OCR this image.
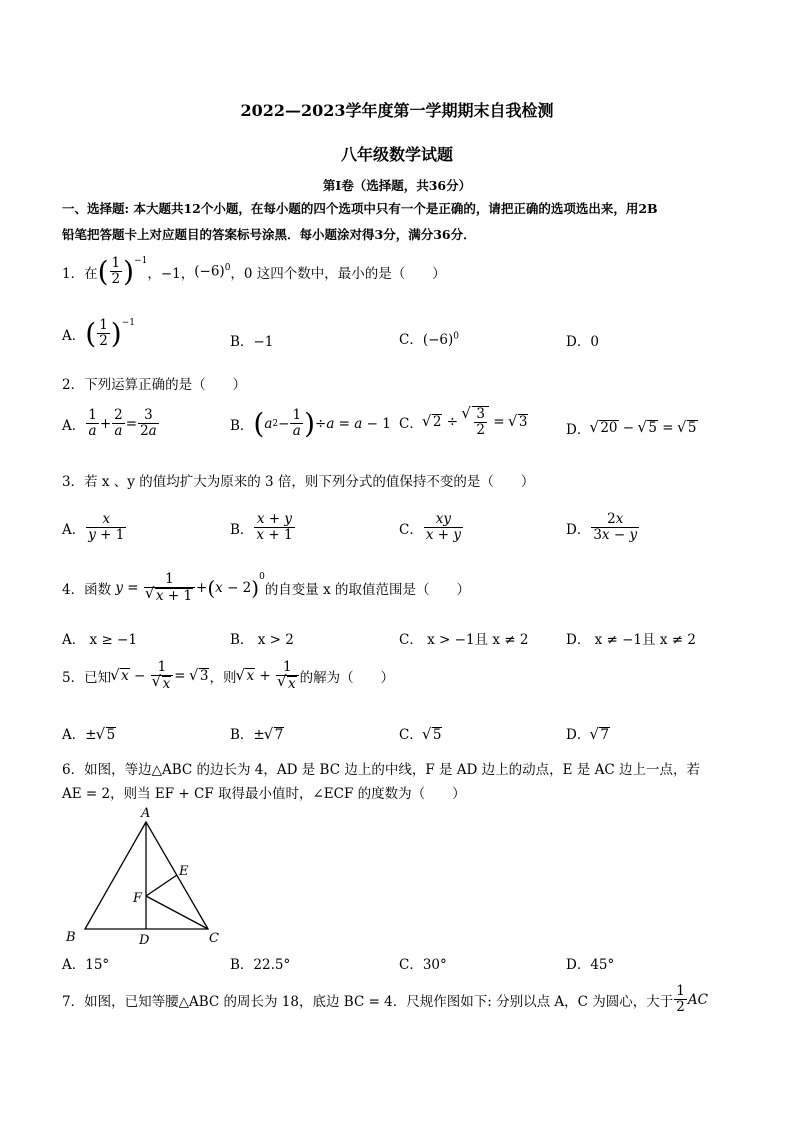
2022—2023学年度第一学期期末自我检测
八年级数学试题
第Ⅰ卷（选择题，共36分）
一、选择题: 本大题共12个小题，在每小题的四个选项中只有一个是正确的，请把正确的选项选出来，用2B
铅笔把答题卡上对应题目的答案标号涂黑．每小题涂对得3分，满分36分．
1．在 ( $\frac{1}{2} )^{-1}$
，−1， $(-6)^0$ ，0 这四个数中，最小的是（　　）
A． ( $\frac{1}{2} )^{-1}$
B．−1	C．$(-6)^0$	D．0
2．下列运算正确的是（　　）
A． $\frac{1}{a} + \frac{2}{a} = \frac{3}{2a}$	B． ( a $2 - \frac{1}{a}$ ) ÷ a = a − 1 C． √ 2 ÷ √ $\frac{3}{2}$ = √ 3	D． √ 20 − √ 5 = √ 5
3．若 x 、y 的值均扩大为原来的 3 倍，则下列分式的值保持不变的是（　　）
A． $\frac{x}{y + 1}$	B． $\frac{x + y}{x + 1}$	C． $\frac{xy}{x + y}$	D． $\frac{2x}{3x - y}$
4．函数 y = 1
√ x + 1 + ( x − 2 )$^0$
的自变量 x 的取值范围是（　　）
A． x ≥ −1	B． x > 2	C． x > −1且 x ≠ 2	D． x ≠ −1且 x ≠ 2
5．已知 √ x − 1
√ x = √ 3 ，则 √ x + 1
√ x 的解为（　　）
A．± √ 5	B．± √ 7	C． √ 5	D． √ 7
6．如图，等边△ABC 的边长为 4，AD 是 BC 边上的中线，F 是 AD 边上的动点，E 是 AC 边上一点，若
AE = 2，则当 EF + CF 取得最小值时，∠ECF 的度数为（　　）
A
B	C
D
E
F
A．15°	B．22.5°	C．30°	D．45°
7．如图，已知等腰△ABC 的周长为 18，底边 BC = 4．尺规作图如下: 分别以点 A，C 为圆心，大于 $\frac{1}{2}$ AC
